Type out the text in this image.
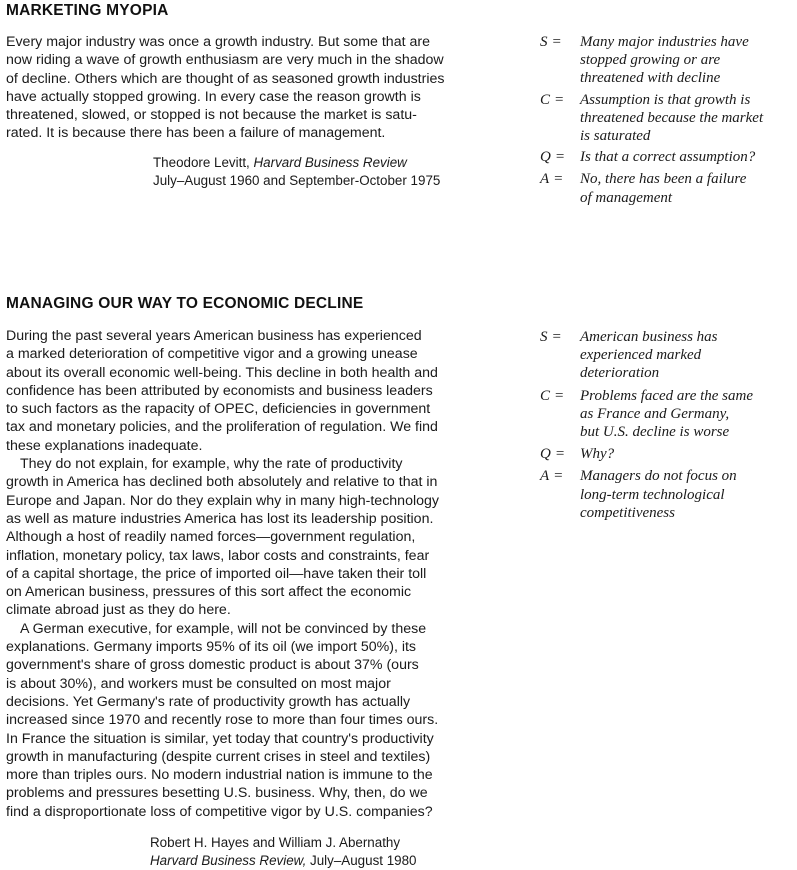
MARKETING MYOPIA
Every major industry was once a growth industry. But some that are
now riding a wave of growth enthusiasm are very much in the shadow
of decline. Others which are thought of as seasoned growth industries
have actually stopped growing. In every case the reason growth is
threatened, slowed, or stopped is not because the market is satu-
rated. It is because there has been a failure of management.
Theodore Levitt, Harvard Business Review
July–August 1960 and September-October 1975
S =	Many major industries have
stopped growing or are
threatened with decline
C =	Assumption is that growth is
threatened because the market
is saturated
Q =	Is that a correct assumption?
A =	No, there has been a failure
of management
MANAGING OUR WAY TO ECONOMIC DECLINE
During the past several years American business has experienced
a marked deterioration of competitive vigor and a growing unease
about its overall economic well-being. This decline in both health and
confidence has been attributed by economists and business leaders
to such factors as the rapacity of OPEC, deficiencies in government
tax and monetary policies, and the proliferation of regulation. We find
these explanations inadequate.
They do not explain, for example, why the rate of productivity
growth in America has declined both absolutely and relative to that in
Europe and Japan. Nor do they explain why in many high-technology
as well as mature industries America has lost its leadership position.
Although a host of readily named forces—government regulation,
inflation, monetary policy, tax laws, labor costs and constraints, fear
of a capital shortage, the price of imported oil—have taken their toll
on American business, pressures of this sort affect the economic
climate abroad just as they do here.
A German executive, for example, will not be convinced by these
explanations. Germany imports 95% of its oil (we import 50%), its
government's share of gross domestic product is about 37% (ours
is about 30%), and workers must be consulted on most major
decisions. Yet Germany's rate of productivity growth has actually
increased since 1970 and recently rose to more than four times ours.
In France the situation is similar, yet today that country's productivity
growth in manufacturing (despite current crises in steel and textiles)
more than triples ours. No modern industrial nation is immune to the
problems and pressures besetting U.S. business. Why, then, do we
find a disproportionate loss of competitive vigor by U.S. companies?
Robert H. Hayes and William J. Abernathy
Harvard Business Review, July–August 1980
S =	American business has
experienced marked
deterioration
C =	Problems faced are the same
as France and Germany,
but U.S. decline is worse
Q =	Why?
A =	Managers do not focus on
long-term technological
competitiveness
